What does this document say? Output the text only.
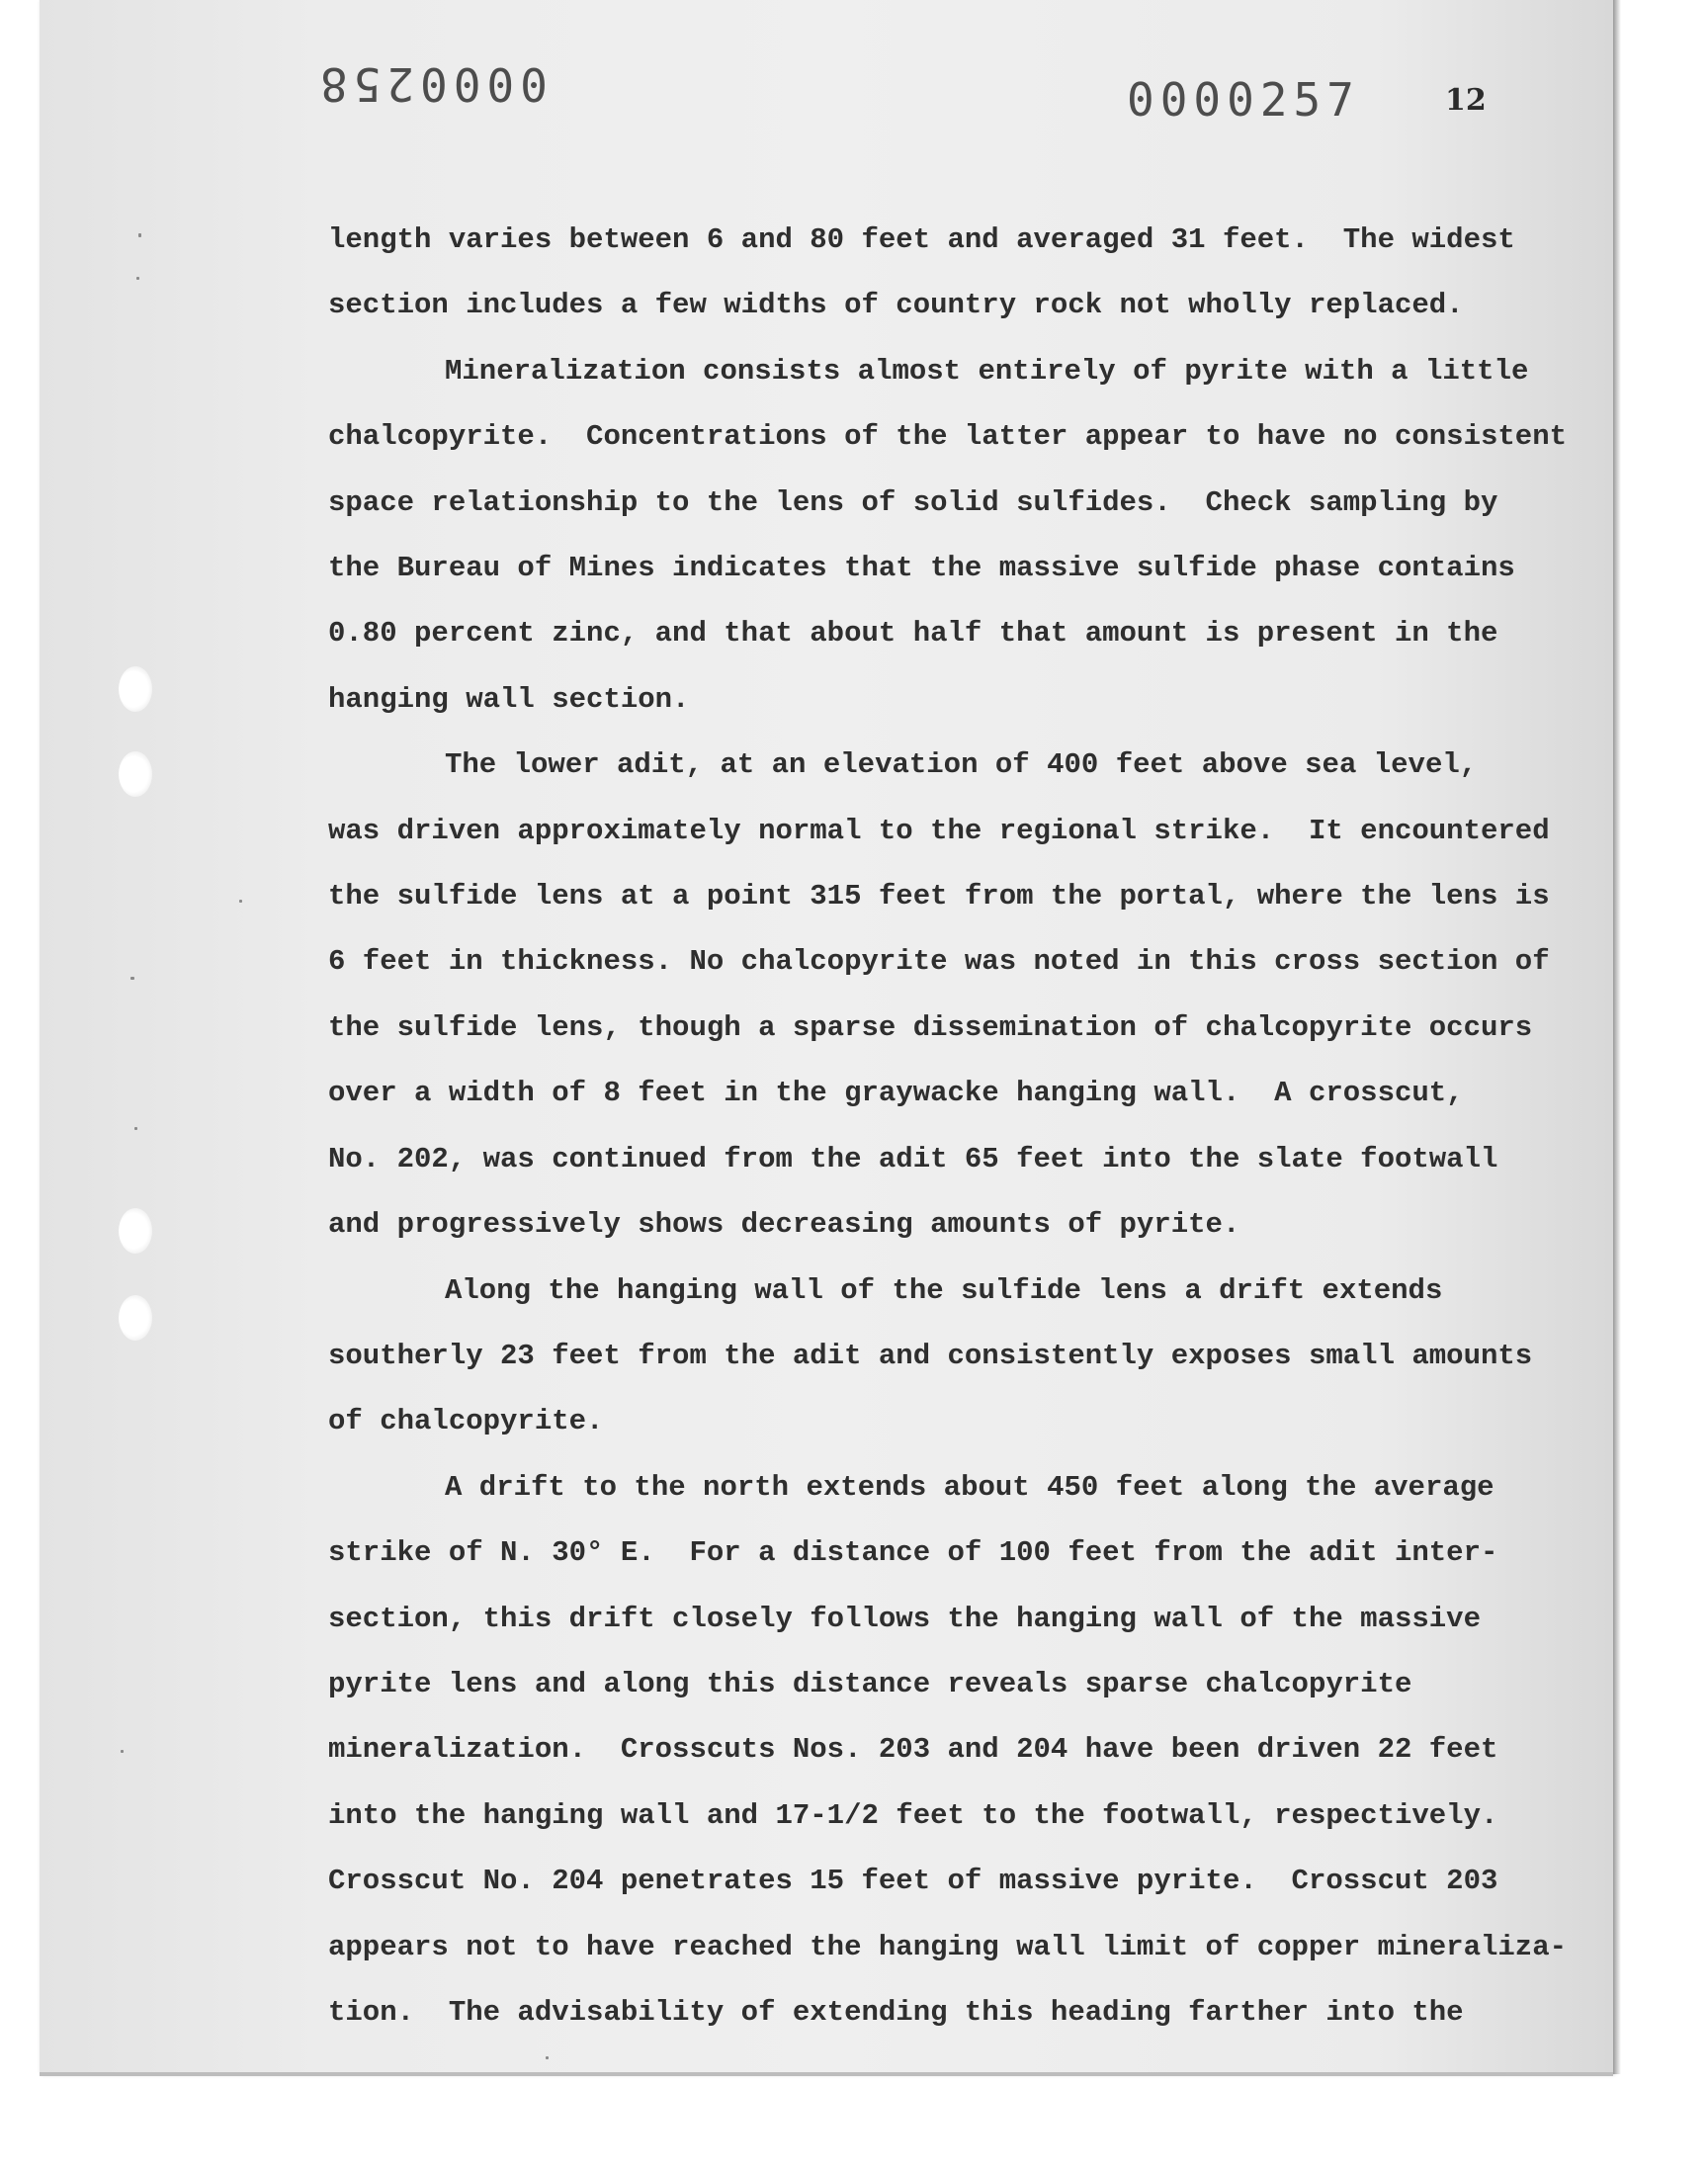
0000258	0000257	12
length varies between 6 and 80 feet and averaged 31 feet.  The widest
section includes a few widths of country rock not wholly replaced.
Mineralization consists almost entirely of pyrite with a little
chalcopyrite.  Concentrations of the latter appear to have no consistent
space relationship to the lens of solid sulfides.  Check sampling by
the Bureau of Mines indicates that the massive sulfide phase contains
0.80 percent zinc, and that about half that amount is present in the
hanging wall section.
The lower adit, at an elevation of 400 feet above sea level,
was driven approximately normal to the regional strike.  It encountered
the sulfide lens at a point 315 feet from the portal, where the lens is
6 feet in thickness. No chalcopyrite was noted in this cross section of
the sulfide lens, though a sparse dissemination of chalcopyrite occurs
over a width of 8 feet in the graywacke hanging wall.  A crosscut,
No. 202, was continued from the adit 65 feet into the slate footwall
and progressively shows decreasing amounts of pyrite.
Along the hanging wall of the sulfide lens a drift extends
southerly 23 feet from the adit and consistently exposes small amounts
of chalcopyrite.
A drift to the north extends about 450 feet along the average
strike of N. 30° E.  For a distance of 100 feet from the adit inter-
section, this drift closely follows the hanging wall of the massive
pyrite lens and along this distance reveals sparse chalcopyrite
mineralization.  Crosscuts Nos. 203 and 204 have been driven 22 feet
into the hanging wall and 17-1/2 feet to the footwall, respectively.
Crosscut No. 204 penetrates 15 feet of massive pyrite.  Crosscut 203
appears not to have reached the hanging wall limit of copper mineraliza-
tion.  The advisability of extending this heading farther into the
